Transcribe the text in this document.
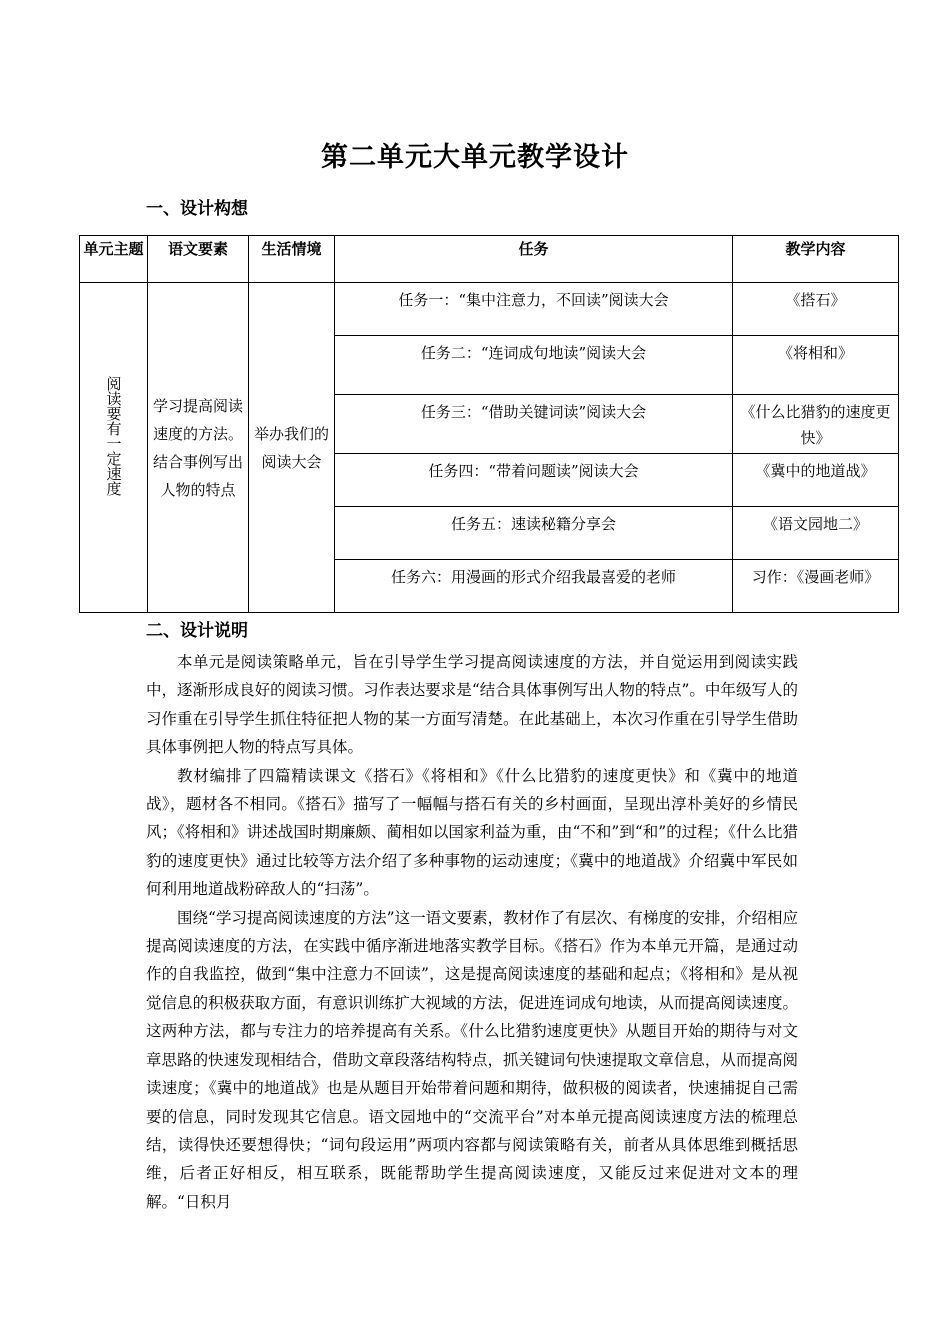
第二单元大单元教学设计
一、设计构想
单元主题	语文要素	生活情境	任务	教学内容
阅读要有一定速度	学习提高阅读速度的方法。结合事例写出人物的特点	举办我们的阅读大会	任务一：“集中注意力，不回读”阅读大会	《搭石》
			任务二：“连词成句地读”阅读大会	《将相和》
			任务三：“借助关键词读”阅读大会	《什么比猎豹的速度更快》
			任务四：“带着问题读”阅读大会	《冀中的地道战》
			任务五：速读秘籍分享会	《语文园地二》
			任务六：用漫画的形式介绍我最喜爱的老师	习作：《漫画老师》
二、设计说明

本单元是阅读策略单元，旨在引导学生学习提高阅读速度的方法，并自觉运用到阅读实践中，逐渐形成良好的阅读习惯。习作表达要求是“结合具体事例写出人物的特点”。中年级写人的习作重在引导学生抓住特征把人物的某一方面写清楚。在此基础上，本次习作重在引导学生借助具体事例把人物的特点写具体。

教材编排了四篇精读课文《搭石》《将相和》《什么比猎豹的速度更快》和《冀中的地道战》，题材各不相同。《搭石》描写了一幅幅与搭石有关的乡村画面，呈现出淳朴美好的乡情民风；《将相和》讲述战国时期廉颇、蔺相如以国家利益为重，由“不和”到“和”的过程；《什么比猎豹的速度更快》通过比较等方法介绍了多种事物的运动速度；《冀中的地道战》介绍冀中军民如何利用地道战粉碎敌人的“扫荡”。

围绕“学习提高阅读速度的方法”这一语文要素，教材作了有层次、有梯度的安排，介绍相应提高阅读速度的方法，在实践中循序渐进地落实教学目标。《搭石》作为本单元开篇，是通过动作的自我监控，做到“集中注意力不回读”，这是提高阅读速度的基础和起点；《将相和》是从视觉信息的积极获取方面，有意识训练扩大视域的方法，促进连词成句地读，从而提高阅读速度。这两种方法，都与专注力的培养提高有关系。《什么比猎豹速度更快》从题目开始的期待与对文章思路的快速发现相结合，借助文章段落结构特点，抓关键词句快速提取文章信息，从而提高阅读速度；《冀中的地道战》也是从题目开始带着问题和期待，做积极的阅读者，快速捕捉自己需要的信息，同时发现其它信息。语文园地中的“交流平台”对本单元提高阅读速度方法的梳理总结，读得快还要想得快；“词句段运用”两项内容都与阅读策略有关，前者从具体思维到概括思维，后者正好相反，相互联系，既能帮助学生提高阅读速度，又能反过来促进对文本的理解。“日积月
